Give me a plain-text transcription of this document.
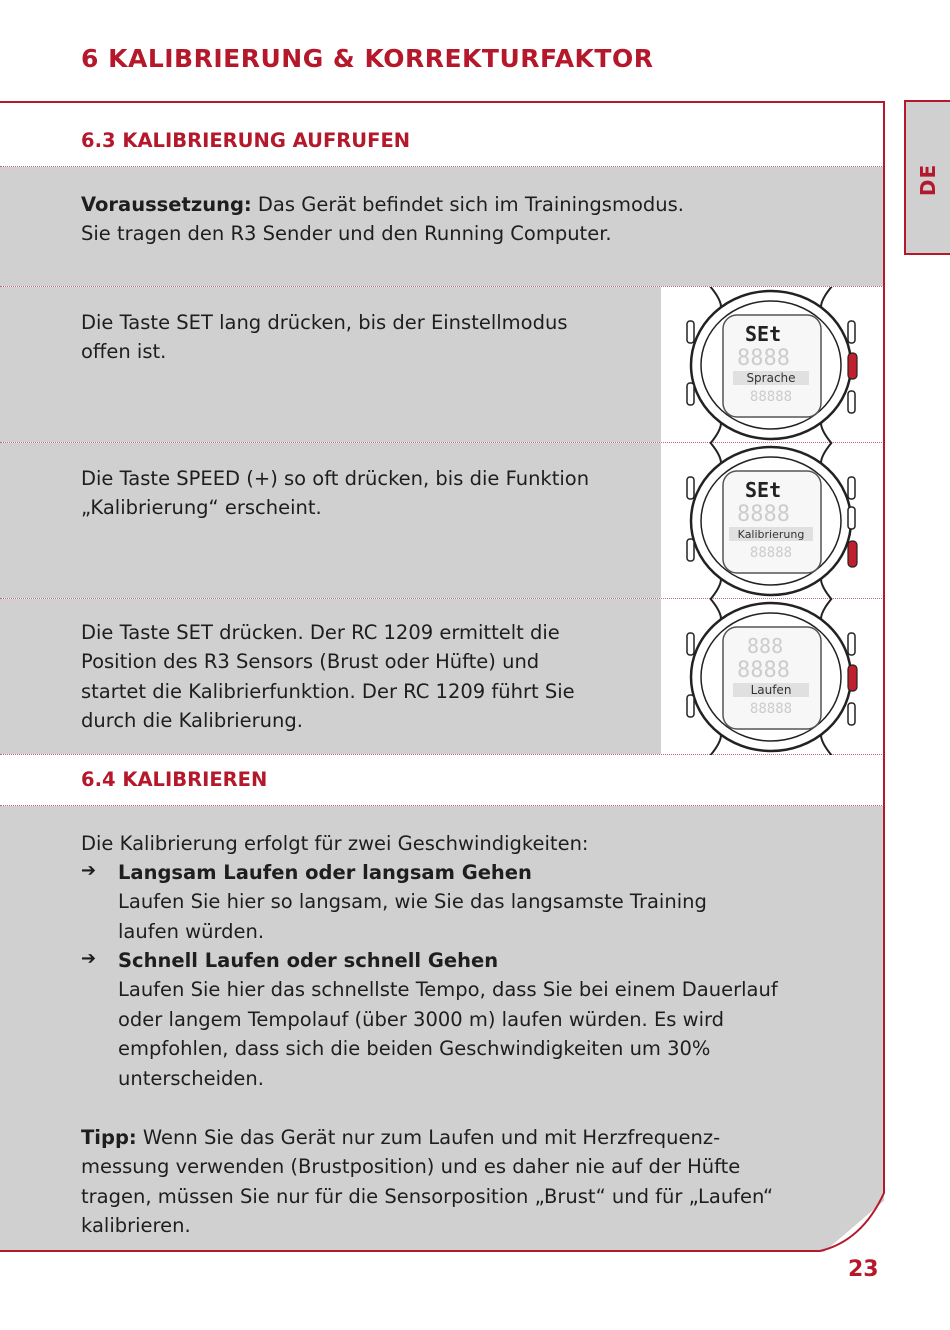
6 KALIBRIERUNG & KORREKTURFAKTOR
DE
6.3 KALIBRIERUNG AUFRUFEN
Voraussetzung: Das Gerät befindet sich im Trainingsmodus.
Sie tragen den R3 Sender und den Running Computer.
Die Taste SET lang drücken, bis der Einstellmodus
offen ist.
Die Taste SPEED (+) so oft drücken, bis die Funktion
„Kalibrierung“ erscheint.
Die Taste SET drücken. Der RC 1209 ermittelt die
Position des R3 Sensors (Brust oder Hüfte) und
startet die Kalibrierfunktion. Der RC 1209 führt Sie
durch die Kalibrierung.
SEt
8888
Sprache
88888
SEt
8888
Kalibrierung
88888
888
8888
Laufen
88888
6.4 KALIBRIEREN
Die Kalibrierung erfolgt für zwei Geschwindigkeiten:
➔ Langsam Laufen oder langsam Gehen
Laufen Sie hier so langsam, wie Sie das langsamste Training
laufen würden.
➔ Schnell Laufen oder schnell Gehen
Laufen Sie hier das schnellste Tempo, dass Sie bei einem Dauerlauf
oder langem Tempolauf (über 3000 m) laufen würden. Es wird
empfohlen, dass sich die beiden Geschwindigkeiten um 30%
unterscheiden.
Tipp: Wenn Sie das Gerät nur zum Laufen und mit Herzfrequenz-
messung verwenden (Brustposition) und es daher nie auf der Hüfte
tragen, müssen Sie nur für die Sensorposition „Brust“ und für „Laufen“
kalibrieren.
23
